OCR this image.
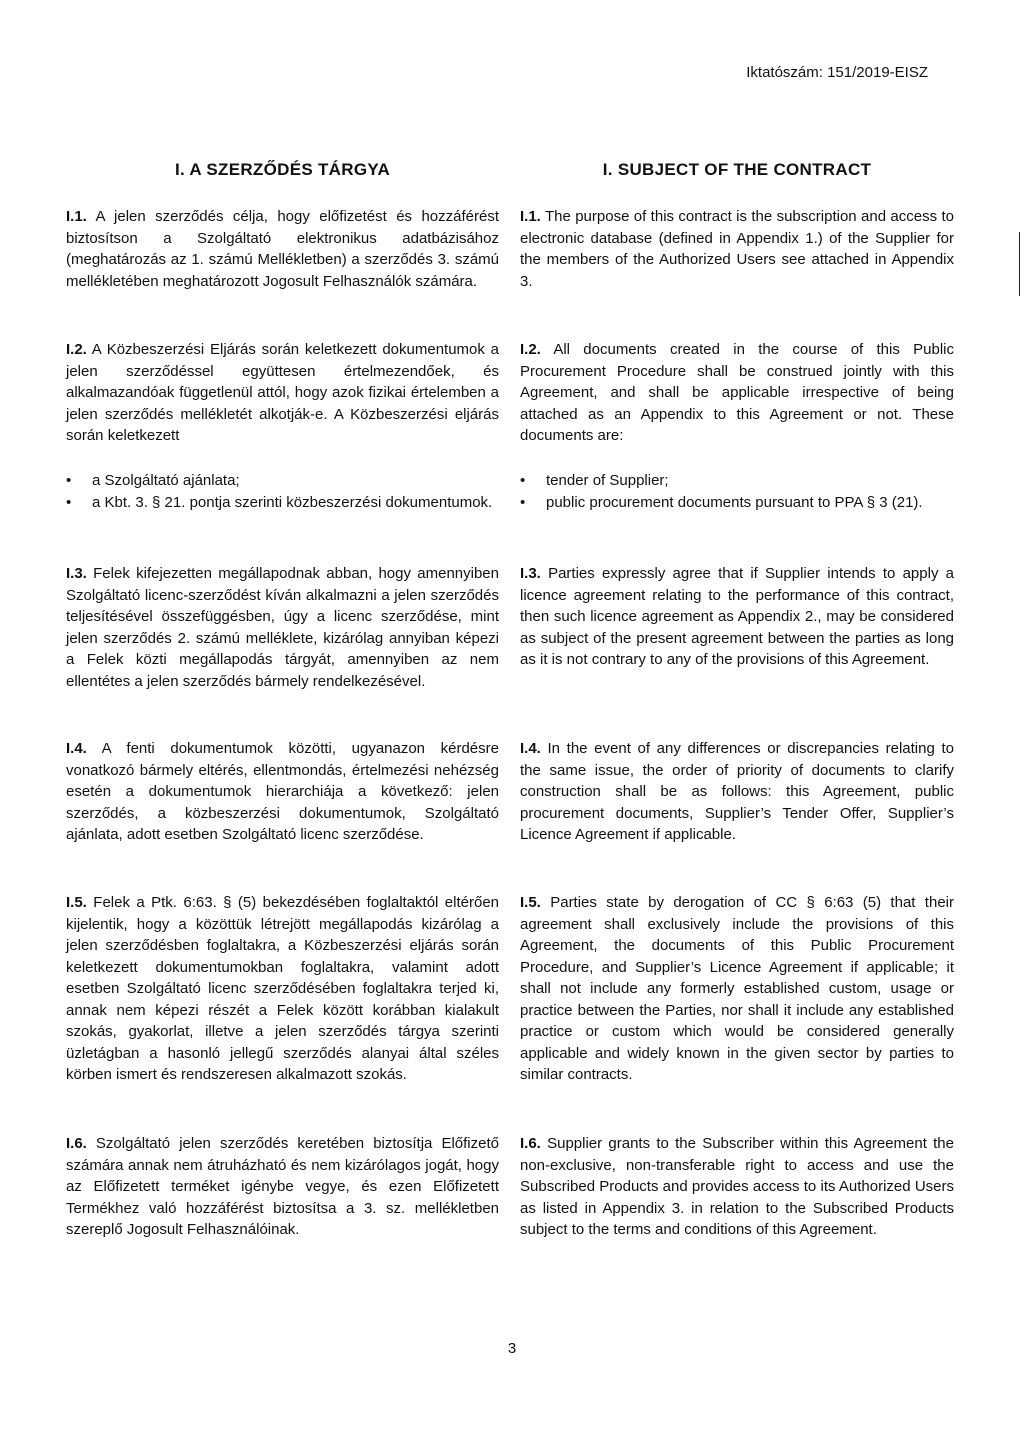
Iktatószám: 151/2019-EISZ
I. A SZERZŐDÉS TÁRGYA	I. SUBJECT OF THE CONTRACT
I.1. A jelen szerződés célja, hogy előfizetést és hozzáférést biztosítson a Szolgáltató elektronikus adatbázisához (meghatározás az 1. számú Mellékletben) a szerződés 3. számú mellékletében meghatározott Jogosult Felhasználók számára.
I.2. A Közbeszerzési Eljárás során keletkezett dokumentumok a jelen szerződéssel együttesen értelmezendőek, és alkalmazandóak függetlenül attól, hogy azok fizikai értelemben a jelen szerződés mellékletét alkotják-e. A Közbeszerzési eljárás során keletkezett
• a Szolgáltató ajánlata;
• a Kbt. 3. § 21. pontja szerinti közbeszerzési dokumentumok.
I.3. Felek kifejezetten megállapodnak abban, hogy amennyiben Szolgáltató licenc-szerződést kíván alkalmazni a jelen szerződés teljesítésével összefüggésben, úgy a licenc szerződése, mint jelen szerződés 2. számú melléklete, kizárólag annyiban képezi a Felek közti megállapodás tárgyát, amennyiben az nem ellentétes a jelen szerződés bármely rendelkezésével.
I.4. A fenti dokumentumok közötti, ugyanazon kérdésre vonatkozó bármely eltérés, ellentmondás, értelmezési nehézség esetén a dokumentumok hierarchiája a következő: jelen szerződés, a közbeszerzési dokumentumok, Szolgáltató ajánlata, adott esetben Szolgáltató licenc szerződése.
I.5. Felek a Ptk. 6:63. § (5) bekezdésében foglaltaktól eltérően kijelentik, hogy a közöttük létrejött megállapodás kizárólag a jelen szerződésben foglaltakra, a Közbeszerzési eljárás során keletkezett dokumentumokban foglaltakra, valamint adott esetben Szolgáltató licenc szerződésében foglaltakra terjed ki, annak nem képezi részét a Felek között korábban kialakult szokás, gyakorlat, illetve a jelen szerződés tárgya szerinti üzletágban a hasonló jellegű szerződés alanyai által széles körben ismert és rendszeresen alkalmazott szokás.
I.6. Szolgáltató jelen szerződés keretében biztosítja Előfizető számára annak nem átruházható és nem kizárólagos jogát, hogy az Előfizetett terméket igénybe vegye, és ezen Előfizetett Termékhez való hozzáférést biztosítsa a 3. sz. mellékletben szereplő Jogosult Felhasználóinak.
I.1. The purpose of this contract is the subscription and access to electronic database (defined in Appendix 1.) of the Supplier for the members of the Authorized Users see attached in Appendix 3.
I.2. All documents created in the course of this Public Procurement Procedure shall be construed jointly with this Agreement, and shall be applicable irrespective of being attached as an Appendix to this Agreement or not. These documents are:
• tender of Supplier;
• public procurement documents pursuant to PPA § 3 (21).
I.3. Parties expressly agree that if Supplier intends to apply a licence agreement relating to the performance of this contract, then such licence agreement as Appendix 2., may be considered as subject of the present agreement between the parties as long as it is not contrary to any of the provisions of this Agreement.
I.4. In the event of any differences or discrepancies relating to the same issue, the order of priority of documents to clarify construction shall be as follows: this Agreement, public procurement documents, Supplier’s Tender Offer, Supplier’s Licence Agreement if applicable.
I.5. Parties state by derogation of CC § 6:63 (5) that their agreement shall exclusively include the provisions of this Agreement, the documents of this Public Procurement Procedure, and Supplier’s Licence Agreement if applicable; it shall not include any formerly established custom, usage or practice between the Parties, nor shall it include any established practice or custom which would be considered generally applicable and widely known in the given sector by parties to similar contracts.
I.6. Supplier grants to the Subscriber within this Agreement the non-exclusive, non-transferable right to access and use the Subscribed Products and provides access to its Authorized Users as listed in Appendix 3. in relation to the Subscribed Products subject to the terms and conditions of this Agreement.
3
